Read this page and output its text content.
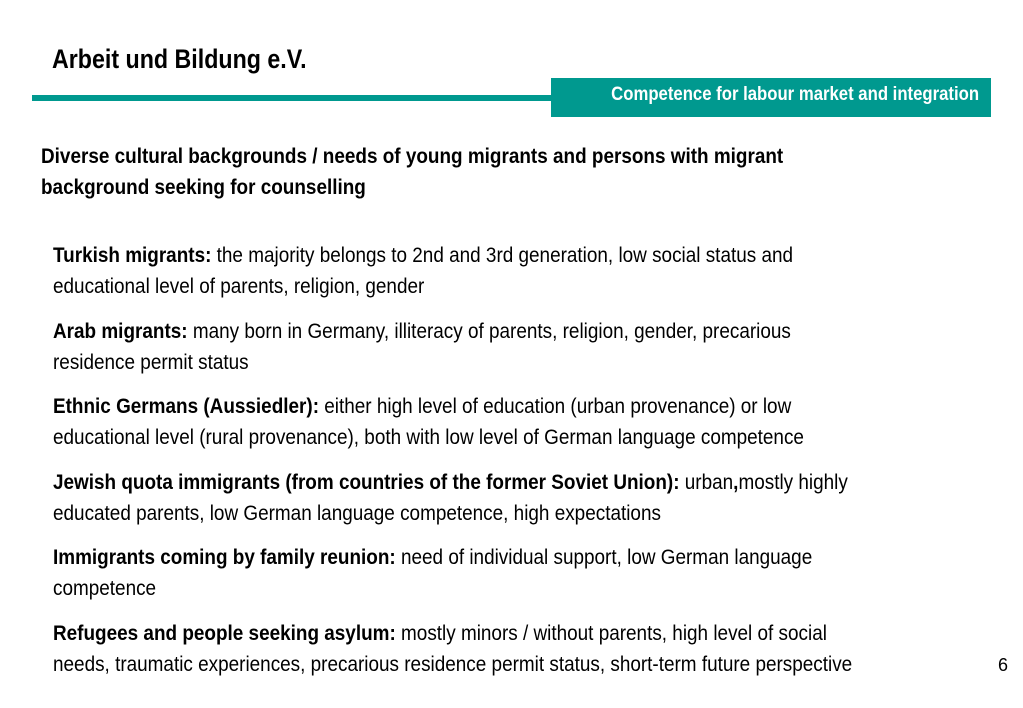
Arbeit und Bildung e.V.
Competence for labour market and integration
Diverse cultural backgrounds / needs of young migrants and persons with migrant
background seeking for counselling
Turkish migrants: the majority belongs to 2nd and 3rd generation, low social status and
educational level of parents, religion, gender
Arab migrants: many born in Germany, illiteracy of parents, religion, gender, precarious
residence permit status
Ethnic Germans (Aussiedler): either high level of education (urban provenance) or low
educational level (rural provenance), both with low level of German language competence
Jewish quota immigrants (from countries of the former Soviet Union): urban,mostly highly
educated parents, low German language competence, high expectations
Immigrants coming by family reunion: need of individual support, low German language
competence
Refugees and people seeking asylum: mostly minors / without parents, high level of social
needs, traumatic experiences, precarious residence permit status, short-term future perspective	6
